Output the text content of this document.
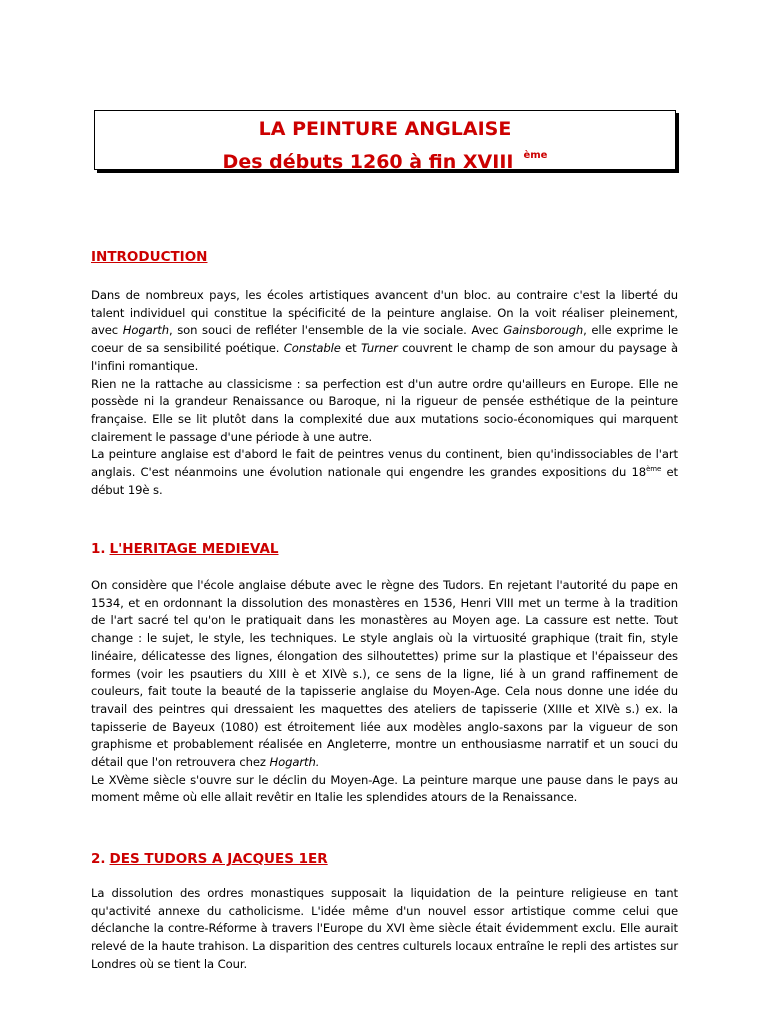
LA PEINTURE ANGLAISE
Des débuts 1260 à fin XVIII $^{ème}$
INTRODUCTION

Dans de nombreux pays, les écoles artistiques avancent d'un bloc. au contraire c'est la liberté du talent individuel qui constitue la spécificité de la peinture anglaise. On la voit réaliser pleinement, avec Hogarth, son souci de refléter l'ensemble de la vie sociale. Avec Gainsborough, elle exprime le coeur de sa sensibilité poétique. Constable et Turner couvrent le champ de son amour du paysage à l'infini romantique.

Rien ne la rattache au classicisme : sa perfection est d'un autre ordre qu'ailleurs en Europe. Elle ne possède ni la grandeur Renaissance ou Baroque, ni la rigueur de pensée esthétique de la peinture française. Elle se lit plutôt dans la complexité due aux mutations socio-économiques qui marquent clairement le passage d'une période à une autre.

La peinture anglaise est d'abord le fait de peintres venus du continent, bien qu'indissociables de l'art anglais. C'est néanmoins une évolution nationale qui engendre les grandes expositions du 18ème et début 19è s.

1. L'HERITAGE MEDIEVAL

On considère que l'école anglaise débute avec le règne des Tudors. En rejetant l'autorité du pape en 1534, et en ordonnant la dissolution des monastères en 1536, Henri VIII met un terme à la tradition de l'art sacré tel qu'on le pratiquait dans les monastères au Moyen age. La cassure est nette. Tout change : le sujet, le style, les techniques. Le style anglais où la virtuosité graphique (trait fin, style linéaire, délicatesse des lignes, élongation des silhoutettes) prime sur la plastique et l'épaisseur des formes (voir les psautiers du XIII è et XIVè s.), ce sens de la ligne, lié à un grand raffinement de couleurs, fait toute la beauté de la tapisserie anglaise du Moyen-Age. Cela nous donne une idée du travail des peintres qui dressaient les maquettes des ateliers de tapisserie (XIIIe et XIVè s.) ex. la tapisserie de Bayeux (1080) est étroitement liée aux modèles anglo-saxons par la vigueur de son graphisme et probablement réalisée en Angleterre, montre un enthousiasme narratif et un souci du détail que l'on retrouvera chez Hogarth.

Le XVème siècle s'ouvre sur le déclin du Moyen-Age. La peinture marque une pause dans le pays au moment même où elle allait revêtir en Italie les splendides atours de la Renaissance.

2. DES TUDORS A JACQUES 1ER

La dissolution des ordres monastiques supposait la liquidation de la peinture religieuse en tant qu'activité annexe du catholicisme. L'idée même d'un nouvel essor artistique comme celui que déclanche la contre-Réforme à travers l'Europe du XVI ème siècle était évidemment exclu. Elle aurait relevé de la haute trahison. La disparition des centres culturels locaux entraîne le repli des artistes sur Londres où se tient la Cour.
